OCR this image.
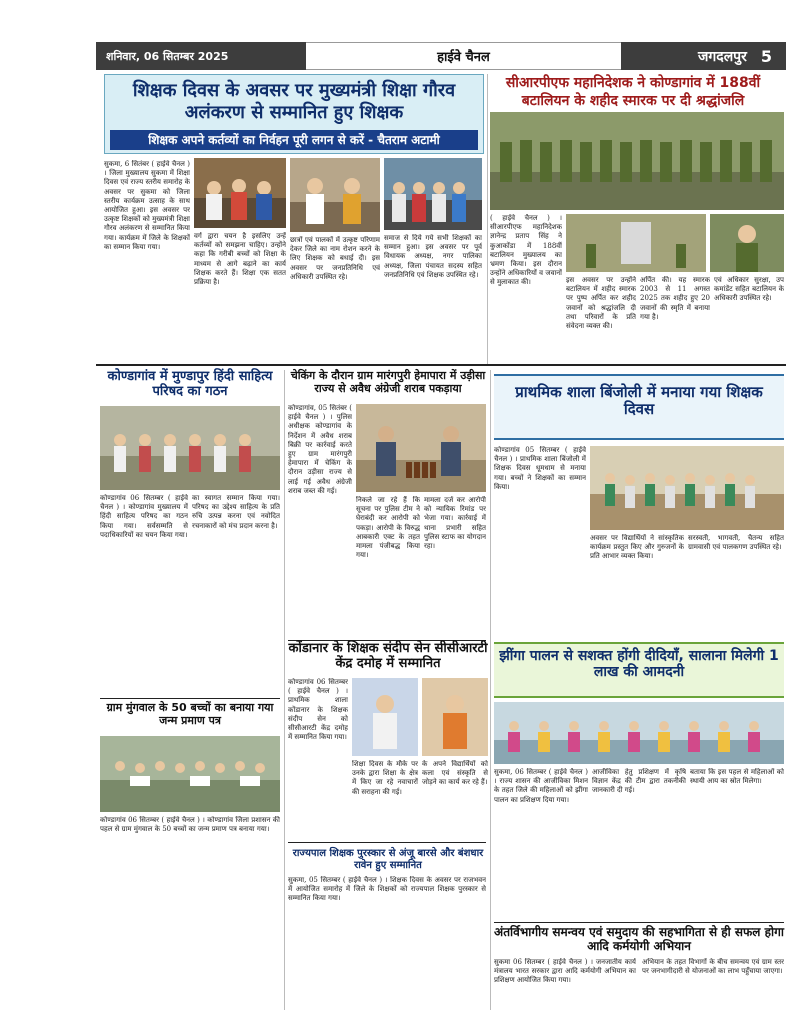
शनिवार, 06 सितम्बर 2025	हाईवे चैनल	जगदलपुर 5
शिक्षक दिवस के अवसर पर मुख्यमंत्री शिक्षा गौरव अलंकरण से सम्मानित हुए शिक्षक
शिक्षक अपने कर्तव्यों का निर्वहन पूरी लगन से करें - चैतराम अटामी
सुकमा, 6 सितंबर ( हाईवे चैनल ) । जिला मुख्यालय सुकमा में शिक्षा दिवस एवं राज्य स्तरीय समारोह के अवसर पर सुकमा को जिला स्तरीय कार्यक्रम उत्साह के साथ आयोजित हुआ। इस अवसर पर उत्कृष्ट शिक्षकों को मुख्यमंत्री शिक्षा गौरव अलंकरण से सम्मानित किया गया। कार्यक्रम में जिले के शिक्षकों का सम्मान किया गया।
वर्ग द्वारा चयन है इसलिए उन्हें कर्तव्यों को समझना चाहिए। उन्होंने कहा कि गरीबी बच्चों को शिक्षा के माध्यम से आगे बढ़ाने का कार्य शिक्षक करते हैं। शिक्षा एक सतत प्रक्रिया है।
छात्रों एवं पालकों में उत्कृष्ट परिणाम देकर जिले का नाम रोशन करने के लिए शिक्षक को बधाई दी। इस अवसर पर जनप्रतिनिधि एवं अधिकारी उपस्थित रहे।
समाज से दिये गये सभी शिक्षकों का सम्मान हुआ। इस अवसर पर पूर्व विधायक अध्यक्ष, नगर पालिका अध्यक्ष, जिला पंचायत सदस्य सहित जनप्रतिनिधि एवं शिक्षक उपस्थित रहे।
सीआरपीएफ महानिदेशक ने कोण्डागांव में 188वीं बटालियन के शहीद स्मारक पर दी श्रद्धांजलि
( हाईवे चैनल ) । सीआरपीएफ महानिदेशक ज्ञानेन्द्र प्रताप सिंह ने कुआकोंडा में 188वीं बटालियन मुख्यालय का भ्रमण किया। इस दौरान उन्होंने अधिकारियों व जवानों से मुलाकात की।	इस अवसर पर उन्होंने बटालियन में शहीद स्मारक पर पुष्प अर्पित कर शहीद जवानों को श्रद्धांजलि दी तथा परिवारों के प्रति संवेदना व्यक्त की।
अर्पित की। यह स्मारक 2003 से 11 अगस्त 2025 तक शहीद हुए 20 जवानों की स्मृति में बनाया गया है।
एवं अधिकार सुरक्षा, उप कमांडेंट सहित बटालियन के अधिकारी उपस्थित रहे।
कोण्डागांव में मुण्डापुर हिंदी साहित्य परिषद का गठन
कोण्डागांव 06 सितम्बर ( हाईवे चैनल ) । कोण्डागांव मुख्यालय में हिंदी साहित्य परिषद का गठन किया गया। सर्वसम्मति से पदाधिकारियों का चयन किया गया।
का स्वागत सम्मान किया गया। परिषद का उद्देश्य साहित्य के प्रति रुचि उत्पन्न करना एवं नवोदित रचनाकारों को मंच प्रदान करना है।
चेकिंग के दौरान ग्राम मारंगपुरी हेमापारा में उड़ीसा राज्य से अवैध अंग्रेजी शराब पकड़ाया
कोण्डागांव, 05 सितंबर ( हाईवे चैनल ) । पुलिस अधीक्षक कोण्डागांव के निर्देशन में अवैध शराब बिक्री पर कार्रवाई करते हुए ग्राम मारंगपुरी हेमापारा में चेकिंग के दौरान उड़ीसा राज्य से लाई गई अवैध अंग्रेजी शराब जब्त की गई।
निकले जा रहे हैं कि सूचना पर पुलिस टीम ने घेराबंदी कर आरोपी को पकड़ा। आरोपी के विरुद्ध आबकारी एक्ट के तहत मामला पंजीबद्ध किया गया।
मामला दर्ज कर आरोपी को न्यायिक रिमांड पर भेजा गया। कार्रवाई में थाना प्रभारी सहित पुलिस स्टाफ का योगदान रहा।
प्राथमिक शाला बिंजोली में मनाया गया शिक्षक दिवस
कोण्डागांव 05 सितम्बर ( हाईवे चैनल ) । प्राथमिक शाला बिंजोली में शिक्षक दिवस धूमधाम से मनाया गया। बच्चों ने शिक्षकों का सम्मान किया।
अवसर पर विद्यार्थियों ने सांस्कृतिक कार्यक्रम प्रस्तुत किए और गुरुजनों के प्रति आभार व्यक्त किया।
सरस्वती, भागवती, चैतन्य सहित ग्रामवासी एवं पालकगण उपस्थित रहे।
कोंडानार के शिक्षक संदीप सेन सीसीआरटी केंद्र दमोह में सम्मानित
कोण्डागांव 06 सितम्बर ( हाईवे चैनल ) । प्राथमिक शाला कोंडानार के शिक्षक संदीप सेन को सीसीआरटी केंद्र दमोह में सम्मानित किया गया।
शिक्षा दिवस के मौके पर उनके द्वारा शिक्षा के क्षेत्र में किए जा रहे नवाचारों की सराहना की गई।
के अपने विद्यार्थियों को कला एवं संस्कृति से जोड़ने का कार्य कर रहे हैं।
ग्राम मुंगवाल के 50 बच्चों का बनाया गया जन्म प्रमाण पत्र
कोण्डागांव 06 सितम्बर ( हाईवे चैनल ) । कोण्डागांव जिला प्रशासन की पहल से ग्राम मुंगवाल के 50 बच्चों का जन्म प्रमाण पत्र बनाया गया।
झींगा पालन से सशक्त होंगी दीदियाँ, सालाना मिलेगी 1 लाख की आमदनी
सुकमा, 06 सितम्बर ( हाईवे चैनल ) । राज्य शासन की आजीविका मिशन के तहत जिले की महिलाओं को झींगा पालन का प्रशिक्षण दिया गया।
आजीविका हेतु प्रशिक्षण में कृषि विज्ञान केंद्र की टीम द्वारा तकनीकी जानकारी दी गई।
बताया कि इस पहल से महिलाओं को स्थायी आय का स्रोत मिलेगा।
राज्यपाल शिक्षक पुरस्कार से अंजू बारसे और बंशधार रावेन हुए सम्मानित
सुकमा, 05 सितम्बर ( हाईवे चैनल ) । शिक्षक दिवस के अवसर पर राजभवन में आयोजित समारोह में जिले के शिक्षकों को राज्यपाल शिक्षक पुरस्कार से सम्मानित किया गया।
अंतर्विभागीय समन्वय एवं समुदाय की सहभागिता से ही सफल होगा आदि कर्मयोगी अभियान
सुकमा 06 सितम्बर ( हाईवे चैनल ) । जनजातीय कार्य मंत्रालय भारत सरकार द्वारा आदि कर्मयोगी अभियान का प्रशिक्षण आयोजित किया गया।
अभियान के तहत विभागों के बीच समन्वय एवं ग्राम स्तर पर जनभागीदारी से योजनाओं का लाभ पहुँचाया जाएगा।
